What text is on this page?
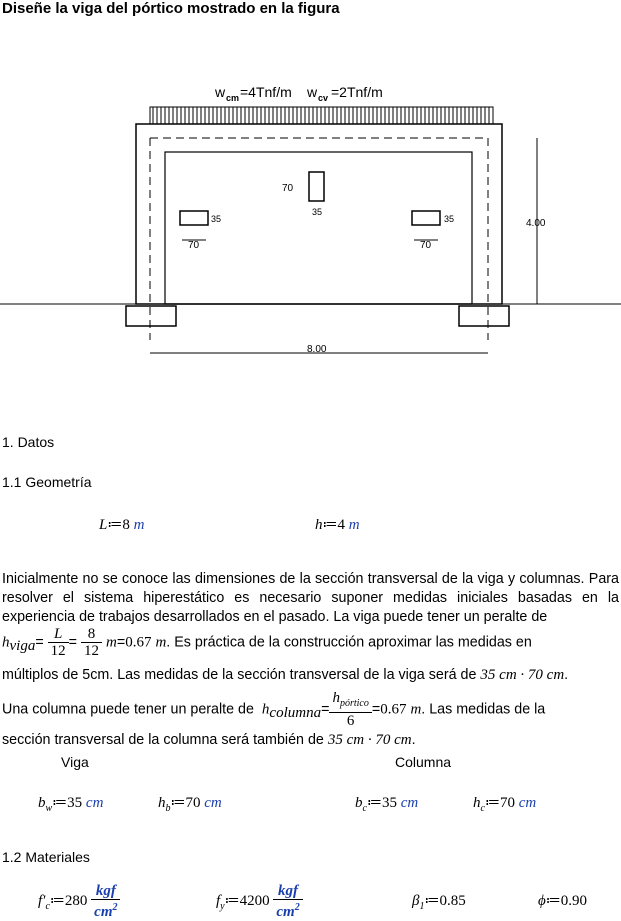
Diseñe la viga del pórtico mostrado en la figura
w cm =4Tnf/m w cv =2Tnf/m
70
35
35
70
35
70
4.00
8.00
1. Datos
1.1 Geometría
L≔8 m	h≔4 m
Inicialmente no se conoce las dimensiones de la sección transversal de la viga y columnas. Para resolver el sistema hiperestático es necesario suponer medidas iniciales basadas en la experiencia de trabajos desarrollados en el pasado. La viga puede tener un peralte de
$h_{viga}= \frac{L}{12} = \frac{8}{12} m=0.67$ m. Es práctica de la construcción aproximar las medidas en
múltiplos de 5cm. Las medidas de la sección transversal de la viga será de 35 cm · 70 cm.
Una columna puede tener un peralte de $h_{columna}= \frac{h_{pórtico}}{6} =0.67$ m. Las medidas de la
sección transversal de la columna será también de 35 cm · 70 cm.
Viga	Columna
$b_w≔35$ cm	$h_b≔70$ cm	$b_c≔35$ cm	$h_c≔70$ cm
1.2 Materiales
$f'_c≔280 \frac{\text{kgf}}{cm^2}$	$f_y≔4200 \frac{\text{kgf}}{cm^2}$	$\beta_1≔0.85$	ϕ≔0.90
